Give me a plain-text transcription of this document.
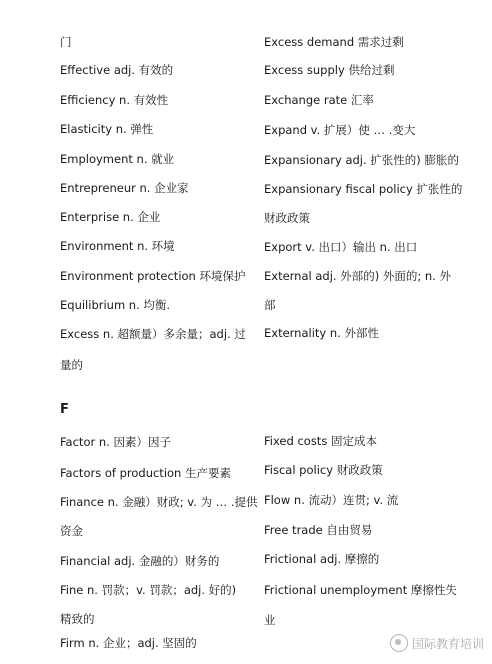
门
Effective adj. 有效的
Efficiency n. 有效性
Elasticity n. 弹性
Employment n. 就业
Entrepreneur n. 企业家
Enterprise n. 企业
Environment n. 环境
Environment protection 环境保护
Equilibrium n. 均衡.
Excess n. 超额量）多余量；adj. 过
量的
Excess demand 需求过剩
Excess supply 供给过剩
Exchange rate 汇率
Expand v. 扩展）使 … .变大
Expansionary adj. 扩张性的) 膨胀的
Expansionary fiscal policy 扩张性的
财政政策
Export v. 出口）输出 n. 出口
External adj. 外部的) 外面的; n. 外
部
Externality n. 外部性
F
Factor n. 因素）因子
Factors of production 生产要素
Finance n. 金融）财政; v. 为 … .提供
资金
Financial adj. 金融的）财务的
Fine n. 罚款；v. 罚款；adj. 好的)
精致的
Firm n. 企业；adj. 坚固的
Fixed costs 固定成本
Fiscal policy 财政政策
Flow n. 流动）连贯; v. 流
Free trade 自由贸易
Frictional adj. 摩擦的
Frictional unemployment 摩擦性失
业
国际教育培训
